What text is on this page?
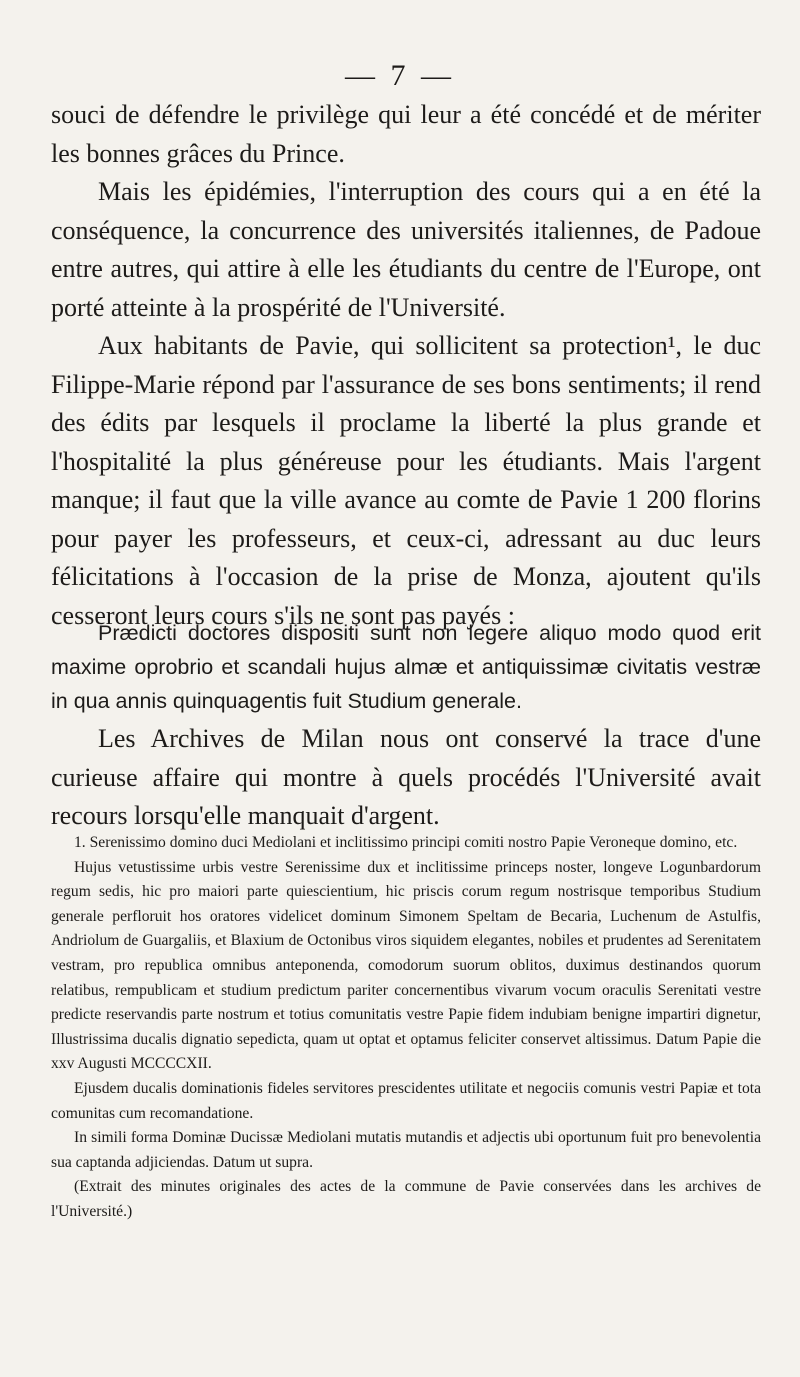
— 7 —

souci de défendre le privilège qui leur a été concédé et de mériter les bonnes grâces du Prince.

Mais les épidémies, l'interruption des cours qui a en été la conséquence, la concurrence des universités italiennes, de Padoue entre autres, qui attire à elle les étudiants du centre de l'Europe, ont porté atteinte à la prospérité de l'Université.

Aux habitants de Pavie, qui sollicitent sa protection¹, le duc Filippe-Marie répond par l'assurance de ses bons sentiments; il rend des édits par lesquels il proclame la liberté la plus grande et l'hospitalité la plus généreuse pour les étudiants. Mais l'argent manque; il faut que la ville avance au comte de Pavie 1 200 florins pour payer les professeurs, et ceux-ci, adressant au duc leurs félicitations à l'occasion de la prise de Monza, ajoutent qu'ils cesseront leurs cours s'ils ne sont pas payés :

Prædicti doctores dispositi sunt non legere aliquo modo quod erit maxime oprobrio et scandali hujus almæ et antiquissimæ civitatis vestræ in qua annis quinquagentis fuit Studium generale.

Les Archives de Milan nous ont conservé la trace d'une curieuse affaire qui montre à quels procédés l'Université avait recours lorsqu'elle manquait d'argent.

1. Serenissimo domino duci Mediolani et inclitissimo principi comiti nostro Papie Veroneque domino, etc.

Hujus vetustissime urbis vestre Serenissime dux et inclitissime princeps noster, longeve Logunbardorum regum sedis, hic pro maiori parte quiescientium, hic priscis corum regum nostrisque temporibus Studium generale perfloruit hos oratores videlicet dominum Simonem Speltam de Becaria, Luchenum de Astulfis, Andriolum de Guargaliis, et Blaxium de Octonibus viros siquidem elegantes, nobiles et prudentes ad Serenitatem vestram, pro republica omnibus anteponenda, comodorum suorum oblitos, duximus destinandos quorum relatibus, rempublicam et studium predictum pariter concernentibus vivarum vocum oraculis Serenitati vestre predicte reservandis parte nostrum et totius comunitatis vestre Papie fidem indubiam benigne impartiri dignetur, Illustrissima ducalis dignatio sepedicta, quam ut optat et optamus feliciter conservet altissimus. Datum Papie die xxv Augusti MCCCCXII.

Ejusdem ducalis dominationis fideles servitores prescidentes utilitate et negociis comunis vestri Papiæ et tota comunitas cum recomandatione.

In simili forma Dominæ Ducissæ Mediolani mutatis mutandis et adjectis ubi oportunum fuit pro benevolentia sua captanda adjiciendas. Datum ut supra.

(Extrait des minutes originales des actes de la commune de Pavie conservées dans les archives de l'Université.)
